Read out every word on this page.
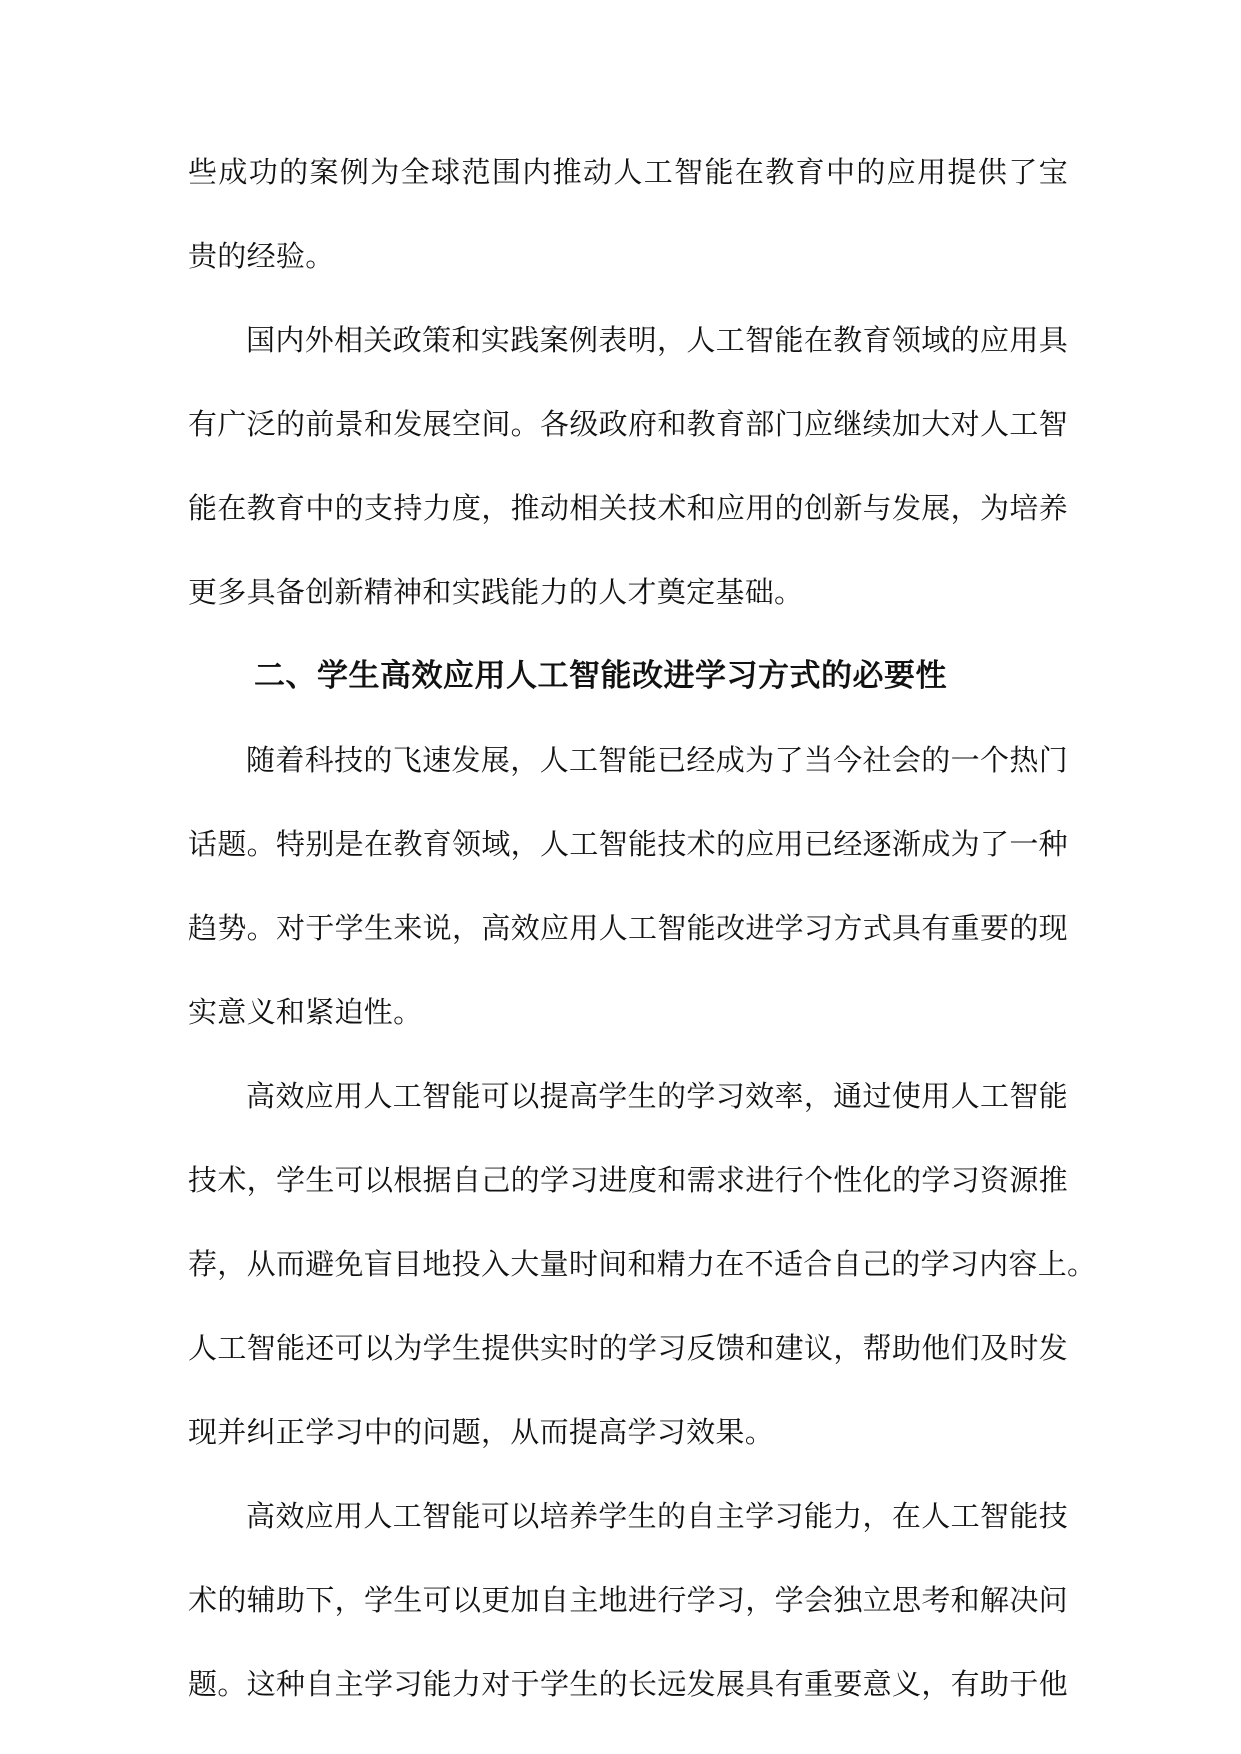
些成功的案例为全球范围内推动人工智能在教育中的应用提供了宝
贵的经验。
国内外相关政策和实践案例表明，人工智能在教育领域的应用具
有广泛的前景和发展空间。各级政府和教育部门应继续加大对人工智
能在教育中的支持力度，推动相关技术和应用的创新与发展，为培养
更多具备创新精神和实践能力的人才奠定基础。
二、学生高效应用人工智能改进学习方式的必要性
随着科技的飞速发展，人工智能已经成为了当今社会的一个热门
话题。特别是在教育领域，人工智能技术的应用已经逐渐成为了一种
趋势。对于学生来说，高效应用人工智能改进学习方式具有重要的现
实意义和紧迫性。
高效应用人工智能可以提高学生的学习效率，通过使用人工智能
技术，学生可以根据自己的学习进度和需求进行个性化的学习资源推
荐，从而避免盲目地投入大量时间和精力在不适合自己的学习内容上。
人工智能还可以为学生提供实时的学习反馈和建议，帮助他们及时发
现并纠正学习中的问题，从而提高学习效果。
高效应用人工智能可以培养学生的自主学习能力，在人工智能技
术的辅助下，学生可以更加自主地进行学习，学会独立思考和解决问
题。这种自主学习能力对于学生的长远发展具有重要意义，有助于他
